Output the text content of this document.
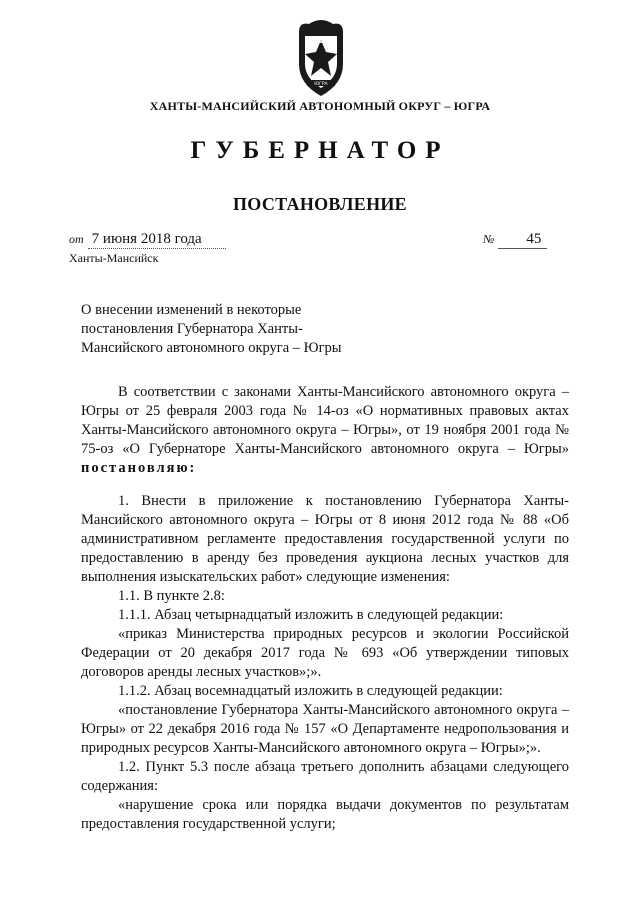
ЮГРА
ХАНТЫ-МАНСИЙСКИЙ АВТОНОМНЫЙ ОКРУГ – ЮГРА
ГУБЕРНАТОР
ПОСТАНОВЛЕНИЕ
от 7 июня 2018 года	№ 45
Ханты-Мансийск
О внесении изменений в некоторые
постановления Губернатора Ханты-
Мансийского автономного округа – Югры

В соответствии с законами Ханты-Мансийского автономного округа – Югры от 25 февраля 2003 года № 14-оз «О нормативных правовых актах Ханты-Мансийского автономного округа – Югры», от 19 ноября 2001 года № 75-оз «О Губернаторе Ханты-Мансийского автономного округа – Югры» постановляю:

1. Внести в приложение к постановлению Губернатора Ханты-Мансийского автономного округа – Югры от 8 июня 2012 года № 88 «Об административном регламенте предоставления государственной услуги по предоставлению в аренду без проведения аукциона лесных участков для выполнения изыскательских работ» следующие изменения:

1.1. В пункте 2.8:

1.1.1. Абзац четырнадцатый изложить в следующей редакции:

«приказ Министерства природных ресурсов и экологии Российской Федерации от 20 декабря 2017 года № 693 «Об утверждении типовых договоров аренды лесных участков»;».

1.1.2. Абзац восемнадцатый изложить в следующей редакции:

«постановление Губернатора Ханты-Мансийского автономного округа – Югры» от 22 декабря 2016 года № 157 «О Департаменте недропользования и природных ресурсов Ханты-Мансийского автономного округа – Югры»;».

1.2. Пункт 5.3 после абзаца третьего дополнить абзацами следующего содержания:

«нарушение срока или порядка выдачи документов по результатам предоставления государственной услуги;
